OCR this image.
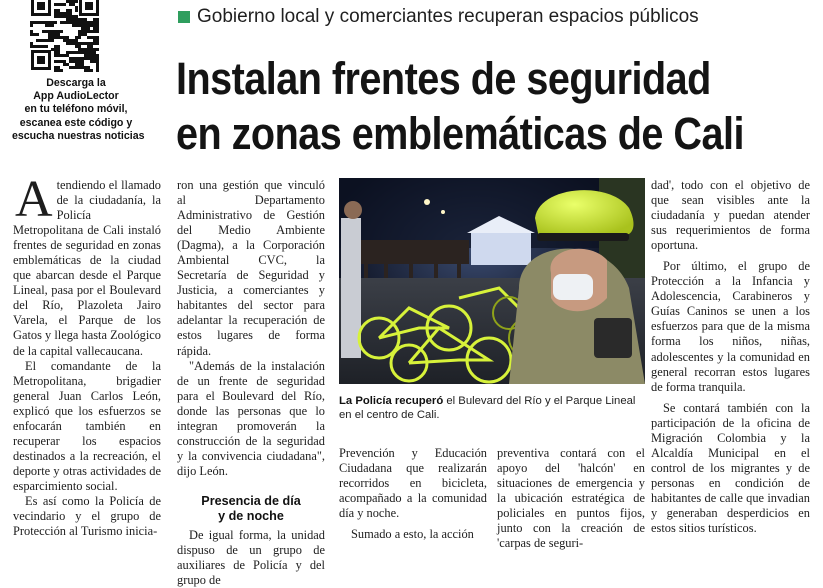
Descarga la
App AudioLector
en tu teléfono móvil,
escanea este código y
escucha nuestras noticias
Gobierno local y comerciantes recuperan espacios públicos
Instalan frentes de seguridad
en zonas emblemáticas de Cali

Atendiendo el llamado de la ciudadanía, la Policía Metropolitana de Cali instaló frentes de seguridad en zonas emblemáticas de la ciudad que abarcan desde el Parque Lineal, pasa por el Boulevard del Río, Plazoleta Jairo Varela, el Parque de los Gatos y llega hasta Zoológico de la capital vallecaucana.

El comandante de la Metropolitana, brigadier general Juan Carlos León, explicó que los esfuerzos se enfocarán también en recuperar los espacios destinados a la recreación, el deporte y otras actividades de esparcimiento social.

Es así como la Policía de vecindario y el grupo de Protección al Turismo inicia-

ron una gestión que vinculó al Departamento Administrativo de Gestión del Medio Ambiente (Dagma), a la Corporación Ambiental CVC, la Secretaría de Seguridad y Justicia, a comerciantes y habitantes del sector para adelantar la recuperación de estos lugares de forma rápida.

"Además de la instalación de un frente de seguridad para el Boulevard del Río, donde las personas que lo integran promoverán la construcción de la seguridad y la convivencia ciudadana", dijo León.

Presencia de día
y de noche

De igual forma, la unidad dispuso de un grupo de auxiliares de Policía y del grupo de

La Policía recuperó el Bulevard del Río y el Parque Lineal en el centro de Cali.

Prevención y Educación Ciudadana que realizarán recorridos en bicicleta, acompañado a la comunidad día y noche.

Sumado a esto, la acción

preventiva contará con el apoyo del 'halcón' en situaciones de emergencia y la ubicación estratégica de policiales en puntos fijos, junto con la creación de 'carpas de seguri-

dad', todo con el objetivo de que sean visibles ante la ciudadanía y puedan atender sus requerimientos de forma oportuna.

Por último, el grupo de Protección a la Infancia y Adolescencia, Carabineros y Guías Caninos se unen a los esfuerzos para que de la misma forma los niños, niñas, adolescentes y la comunidad en general recorran estos lugares de forma tranquila.

Se contará también con la participación de la oficina de Migración Colombia y la Alcaldía Municipal en el control de los migrantes y de personas en condición de habitantes de calle que invadian y generaban desperdicios en estos sitios turísticos.
